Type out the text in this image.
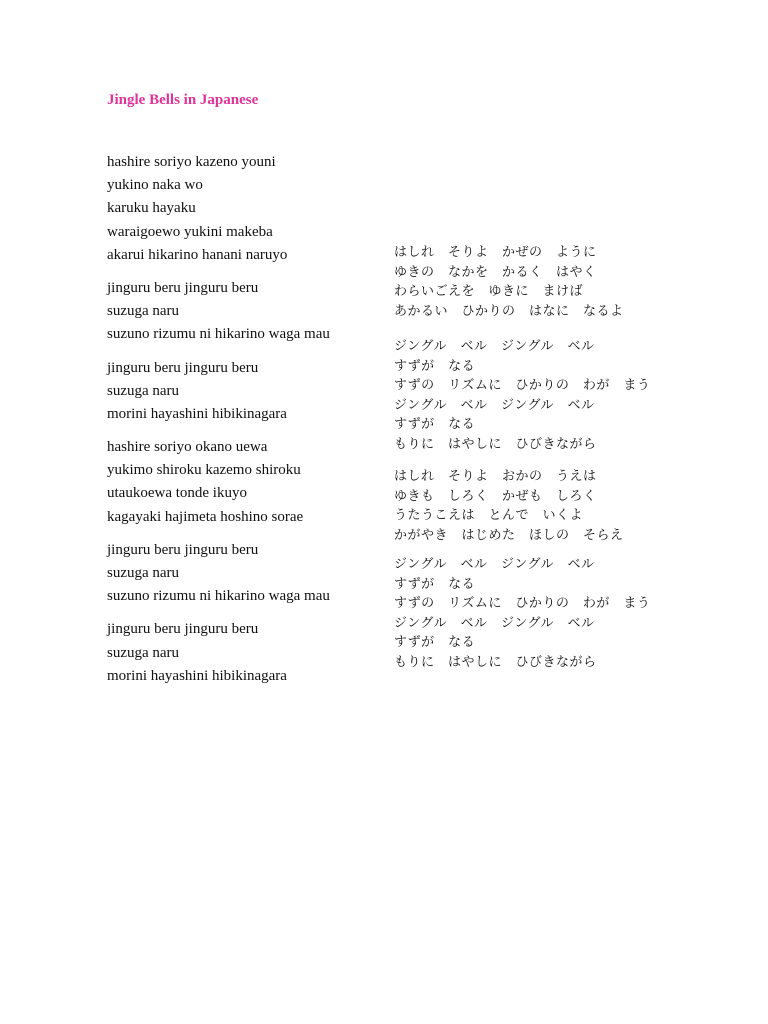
Jingle Bells in Japanese
hashire soriyo kazeno youni
yukino naka wo
karuku hayaku
waraigoewo yukini makeba
akarui hikarino hanani naruyo
jinguru beru jinguru beru
suzuga naru
suzuno rizumu ni hikarino waga mau
jinguru beru jinguru beru
suzuga naru
morini hayashini hibikinagara
hashire soriyo okano uewa
yukimo shiroku kazemo shiroku
utaukoewa tonde ikuyo
kagayaki hajimeta hoshino sorae
jinguru beru jinguru beru
suzuga naru
suzuno rizumu ni hikarino waga mau
jinguru beru jinguru beru
suzuga naru
morini hayashini hibikinagara
はしれ　そりよ　かぜの　ように
ゆきの　なかを　かるく　はやく
わらいごえを　ゆきに　まけば
あかるい　ひかりの　はなに　なるよ
ジングル　ベル　ジングル　ベル
すずが　なる
すずの　リズムに　ひかりの　わが　まう
ジングル　ベル　ジングル　ベル
すずが　なる
もりに　はやしに　ひびきながら
はしれ　そりよ　おかの　うえは
ゆきも　しろく　かぜも　しろく
うたうこえは　とんで　いくよ
かがやき　はじめた　ほしの　そらえ
ジングル　ベル　ジングル　ベル
すずが　なる
すずの　リズムに　ひかりの　わが　まう
ジングル　ベル　ジングル　ベル
すずが　なる
もりに　はやしに　ひびきながら
